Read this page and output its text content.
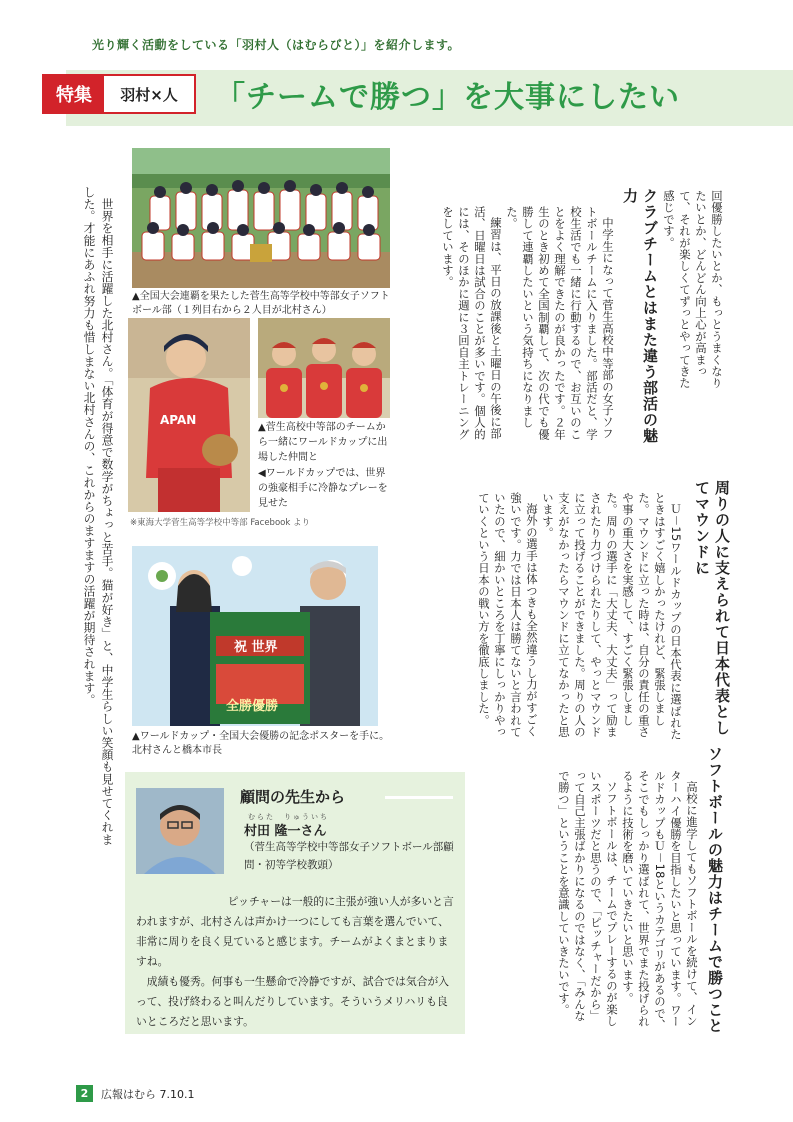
光り輝く活動をしている「羽村人（はむらびと）」を紹介します。
特集	羽村×人	「チームで勝つ」を大事にしたい

回優勝したいとか、もっとうまくなりたいとか、どんどん向上心が高まって、それが楽しくてずっとやってきた感じです。

クラブチームとはまた違う部活の魅力

中学生になって菅生高校中等部の女子ソフトボールチームに入りました。部活だと、学校生活でも一緒に行動するので、お互いのことをよく理解できたのが良かったです。２年生のとき初めて全国制覇して、次の代でも優勝して連覇したいという気持ちになりました。

練習は、平日の放課後と土曜日の午後に部活、日曜日は試合のことが多いです。個人的には、そのほかに週に３回自主トレーニングをしています。

周りの人に支えられて日本代表としてマウンドに

Ｕ－15ワールドカップの日本代表に選ばれたときはすごく嬉しかったけれど、緊張しました。マウンドに立った時は、自分の責任の重さや事の重大さを実感して、すごく緊張しました。周りの選手に「大丈夫、大丈夫」って励まされたり力づけられたりして、やっとマウンドに立って投げることができました。周りの人の支えがなかったらマウンドに立てなかったと思います。

海外の選手は体つきも全然違うし力がすごく強いです。力では日本人は勝てないと言われていたので、細かいところを丁寧にしっかりやっていくという日本の戦い方を徹底しました。

ソフトボールの魅力はチームで勝つこと

高校に進学してもソフトボールを続けて、インターハイ優勝を目指したいと思っています。ワールドカップもＵ－18というカテゴリがあるので、そこでもしっかり選ばれて、世界でまた投げられるように技術を磨いていきたいと思います。

ソフトボールは、チームでプレーするのが楽しいスポーツだと思うので、「ピッチャーだから」って自己主張ばかりになるのではなく、「みんなで勝つ」ということを意識していきたいです。

世界を相手に活躍した北村さん。「体育が得意で数学がちょっと苦手。猫が好き」と、中学生らしい笑顔も見せてくれました。才能にあふれ努力も惜しまない北村さんの、これからのますますの活躍が期待されます。	▲全国大会連覇を果たした菅生高等学校中等部女子ソフトボール部（１列目右から２人目が北村さん）
APAN
▲菅生高校中等部のチームから一緒にワールドカップに出場した仲間と
◀ワールドカップでは、世界の強豪相手に冷静なプレーを見せた
※東海大学菅生高等学校中等部 Facebook より
祝 世界
全勝優勝
▲ワールドカップ・全国大会優勝の記念ポスターを手に。北村さんと橋本市長
顧問の先生から
むらた　りゅういち
村田 隆一さん
（菅生高等学校中等部女子ソフトボール部顧問・初等学校教頭）

ピッチャーは一般的に主張が強い人が多いと言われますが、北村さんは声かけ一つにしても言葉を選んでいて、非常に周りを良く見ていると感じます。チームがよくまとまりますね。

成績も優秀。何事も一生懸命で冷静ですが、試合では気合が入って、投げ終わると叫んだりしています。そういうメリハリも良いところだと思います。

2	広報はむら 7.10.1
